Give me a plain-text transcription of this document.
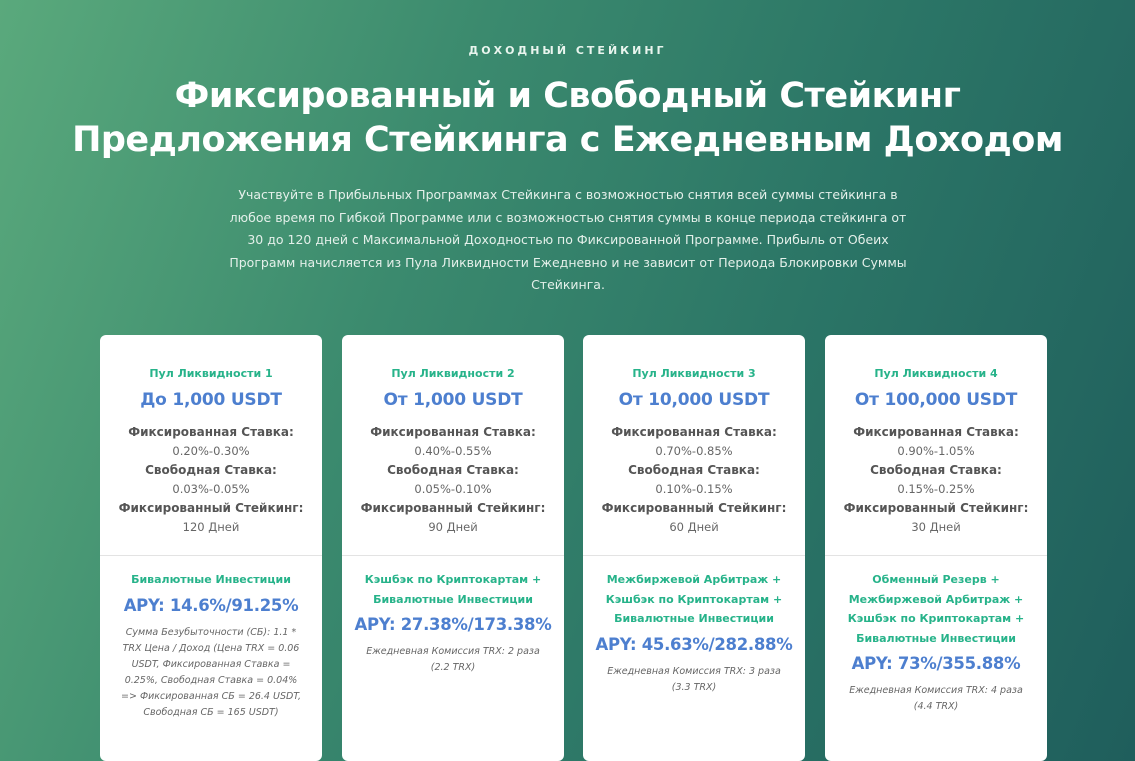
ДОХОДНЫЙ СТЕЙКИНГ
Фиксированный и Свободный Стейкинг
Предложения Стейкинга с Ежедневным Доходом

Участвуйте в Прибыльных Программах Стейкинга с возможностью снятия всей суммы стейкинга в любое время по Гибкой Программе или с возможностью снятия суммы в конце периода стейкинга от 30 до 120 дней с Максимальной Доходностью по Фиксированной Программе. Прибыль от Обеих Программ начисляется из Пула Ликвидности Ежедневно и не зависит от Периода Блокировки Суммы Стейкинга.

Пул Ликвидности 1
До 1,000 USDT
Фиксированная Ставка:
0.20%-0.30%
Свободная Ставка:
0.03%-0.05%
Фиксированный Стейкинг:
120 Дней
Бивалютные Инвестиции
APY: 14.6%/91.25%
Сумма Безубыточности (СБ): 1.1 * TRX Цена / Доход (Цена TRX = 0.06 USDT, Фиксированная Ставка = 0.25%, Свободная Ставка = 0.04% => Фиксированная СБ = 26.4 USDT, Свободная СБ = 165 USDT)
Пул Ликвидности 2
От 1,000 USDT
Фиксированная Ставка:
0.40%-0.55%
Свободная Ставка:
0.05%-0.10%
Фиксированный Стейкинг:
90 Дней
Кэшбэк по Криптокартам +
Бивалютные Инвестиции
APY: 27.38%/173.38%
Ежедневная Комиссия TRX: 2 раза (2.2 TRX)
Пул Ликвидности 3
От 10,000 USDT
Фиксированная Ставка:
0.70%-0.85%
Свободная Ставка:
0.10%-0.15%
Фиксированный Стейкинг:
60 Дней
Межбиржевой Арбитраж +
Кэшбэк по Криптокартам +
Бивалютные Инвестиции
APY: 45.63%/282.88%
Ежедневная Комиссия TRX: 3 раза (3.3 TRX)
Пул Ликвидности 4
От 100,000 USDT
Фиксированная Ставка:
0.90%-1.05%
Свободная Ставка:
0.15%-0.25%
Фиксированный Стейкинг:
30 Дней
Обменный Резерв +
Межбиржевой Арбитраж +
Кэшбэк по Криптокартам +
Бивалютные Инвестиции
APY: 73%/355.88%
Ежедневная Комиссия TRX: 4 раза (4.4 TRX)
